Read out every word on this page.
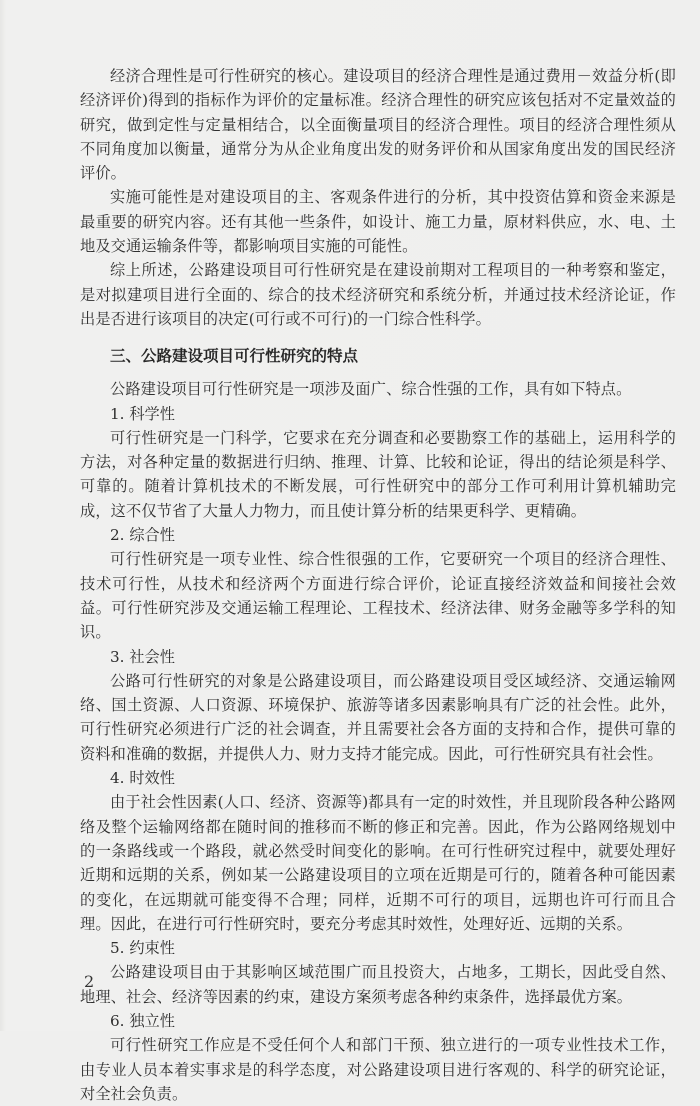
经济合理性是可行性研究的核心。建设项目的经济合理性是通过费用－效益分析(即经济评价)得到的指标作为评价的定量标准。经济合理性的研究应该包括对不定量效益的研究，做到定性与定量相结合，以全面衡量项目的经济合理性。项目的经济合理性须从不同角度加以衡量，通常分为从企业角度出发的财务评价和从国家角度出发的国民经济评价。

实施可能性是对建设项目的主、客观条件进行的分析，其中投资估算和资金来源是最重要的研究内容。还有其他一些条件，如设计、施工力量，原材料供应，水、电、土地及交通运输条件等，都影响项目实施的可能性。

综上所述，公路建设项目可行性研究是在建设前期对工程项目的一种考察和鉴定，是对拟建项目进行全面的、综合的技术经济研究和系统分析，并通过技术经济论证，作出是否进行该项目的决定(可行或不可行)的一门综合性科学。

三、公路建设项目可行性研究的特点

公路建设项目可行性研究是一项涉及面广、综合性强的工作，具有如下特点。

1. 科学性

可行性研究是一门科学，它要求在充分调查和必要勘察工作的基础上，运用科学的方法，对各种定量的数据进行归纳、推理、计算、比较和论证，得出的结论须是科学、可靠的。随着计算机技术的不断发展，可行性研究中的部分工作可利用计算机辅助完成，这不仅节省了大量人力物力，而且使计算分析的结果更科学、更精确。

2. 综合性

可行性研究是一项专业性、综合性很强的工作，它要研究一个项目的经济合理性、技术可行性，从技术和经济两个方面进行综合评价，论证直接经济效益和间接社会效益。可行性研究涉及交通运输工程理论、工程技术、经济法律、财务金融等多学科的知识。

3. 社会性

公路可行性研究的对象是公路建设项目，而公路建设项目受区域经济、交通运输网络、国土资源、人口资源、环境保护、旅游等诸多因素影响具有广泛的社会性。此外，可行性研究必须进行广泛的社会调查，并且需要社会各方面的支持和合作，提供可靠的资料和准确的数据，并提供人力、财力支持才能完成。因此，可行性研究具有社会性。

4. 时效性

由于社会性因素(人口、经济、资源等)都具有一定的时效性，并且现阶段各种公路网络及整个运输网络都在随时间的推移而不断的修正和完善。因此，作为公路网络规划中的一条路线或一个路段，就必然受时间变化的影响。在可行性研究过程中，就要处理好近期和远期的关系，例如某一公路建设项目的立项在近期是可行的，随着各种可能因素的变化，在远期就可能变得不合理；同样，近期不可行的项目，远期也许可行而且合理。因此，在进行可行性研究时，要充分考虑其时效性，处理好近、远期的关系。

5. 约束性

公路建设项目由于其影响区域范围广而且投资大，占地多，工期长，因此受自然、地理、社会、经济等因素的约束，建设方案须考虑各种约束条件，选择最优方案。

6. 独立性

可行性研究工作应是不受任何个人和部门干预、独立进行的一项专业性技术工作，由专业人员本着实事求是的科学态度，对公路建设项目进行客观的、科学的研究论证，对全社会负责。

2
